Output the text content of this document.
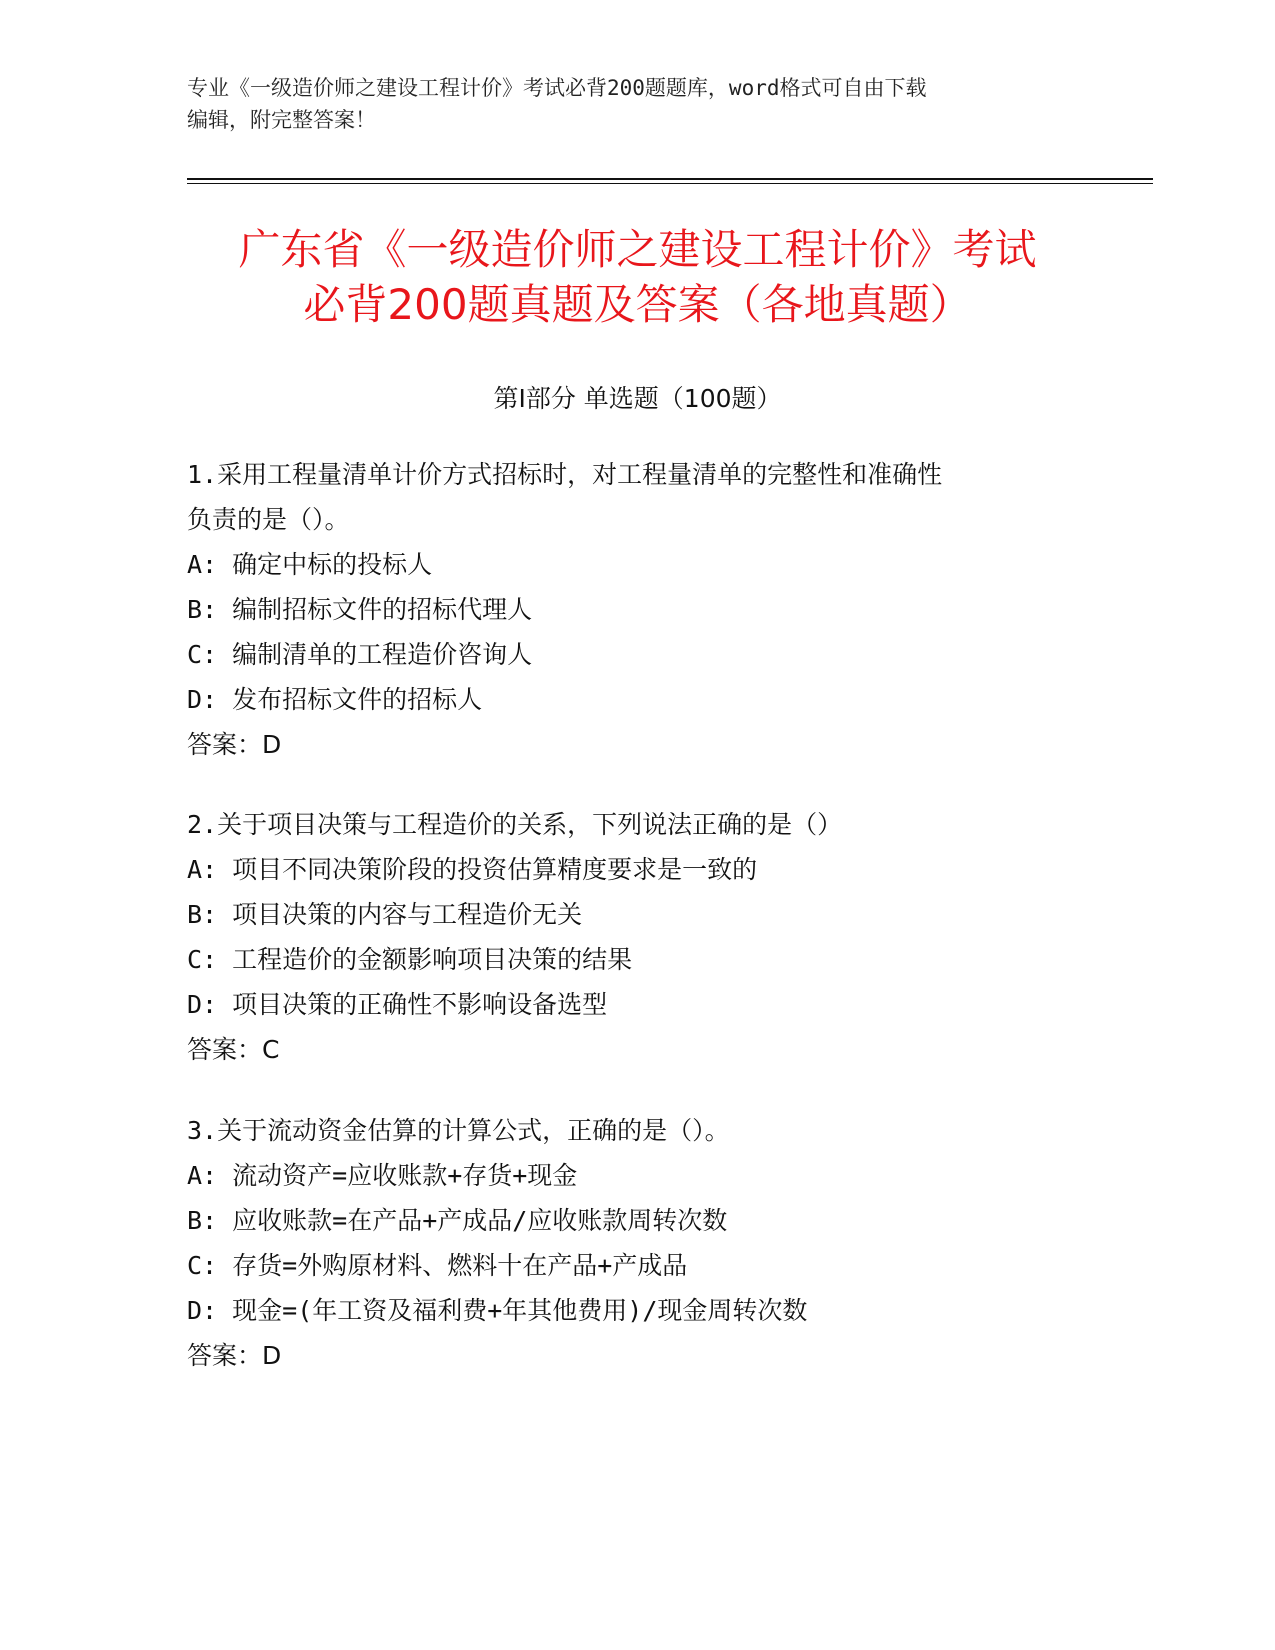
专业《一级造价师之建设工程计价》考试必背200题题库，word格式可自由下载
编辑，附完整答案！
广东省《一级造价师之建设工程计价》考试
必背200题真题及答案（各地真题）
第Ⅰ部分 单选题（100题）
1.采用工程量清单计价方式招标时，对工程量清单的完整性和准确性
负责的是（）。
A: 确定中标的投标人
B: 编制招标文件的招标代理人
C: 编制清单的工程造价咨询人
D: 发布招标文件的招标人
答案：D
2.关于项目决策与工程造价的关系，下列说法正确的是（）
A: 项目不同决策阶段的投资估算精度要求是一致的
B: 项目决策的内容与工程造价无关
C: 工程造价的金额影响项目决策的结果
D: 项目决策的正确性不影响设备选型
答案：C
3.关于流动资金估算的计算公式，正确的是（）。
A: 流动资产=应收账款+存货+现金
B: 应收账款=在产品+产成品/应收账款周转次数
C: 存货=外购原材料、燃料十在产品+产成品
D: 现金=(年工资及福利费+年其他费用)/现金周转次数
答案：D
